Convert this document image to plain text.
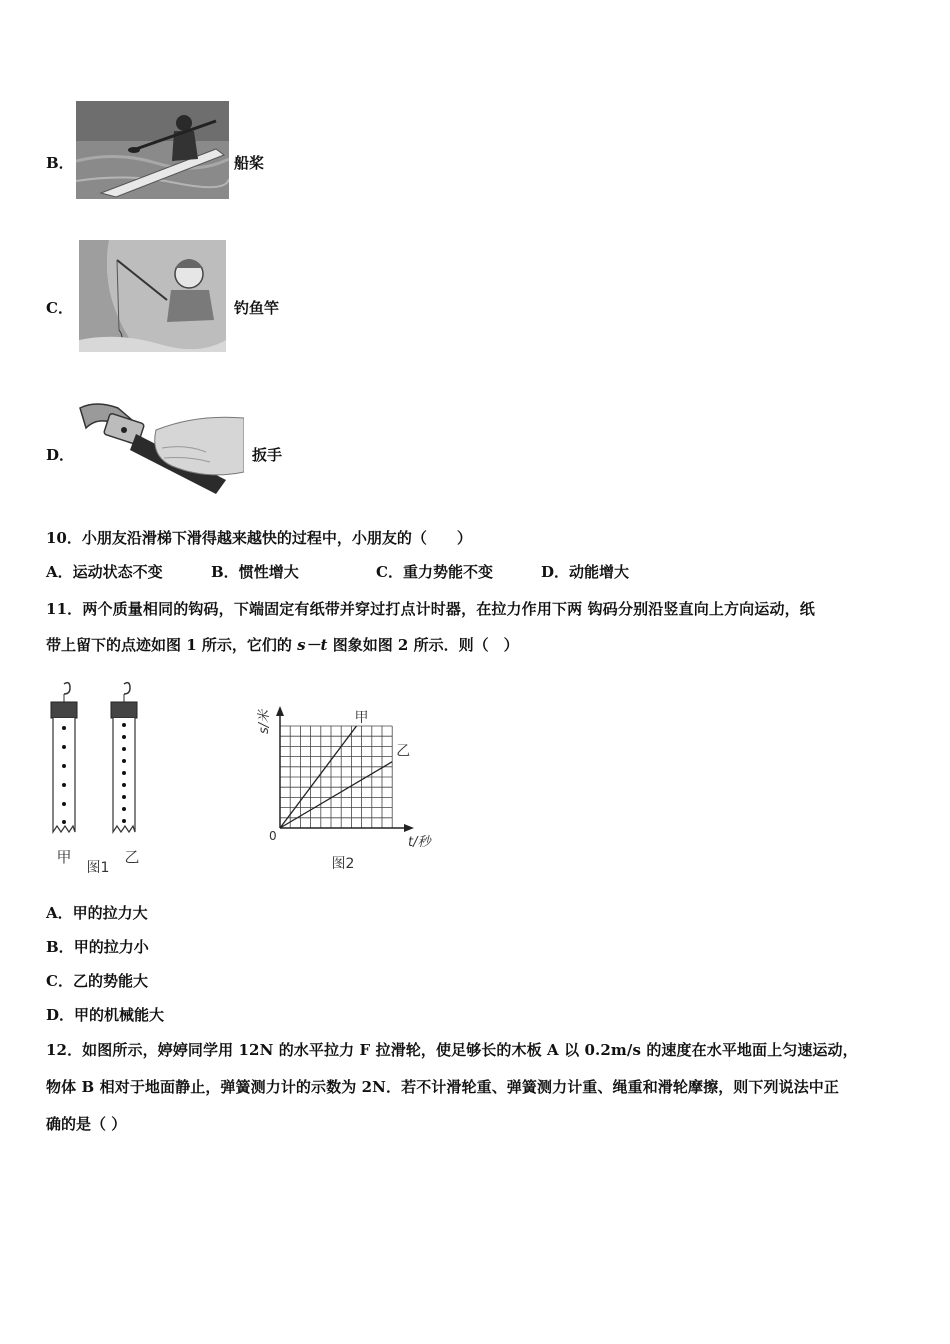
B．	船桨
C．	钓鱼竿
D．	扳手
10．小朋友沿滑梯下滑得越来越快的过程中，小朋友的（　　）
A．运动状态不变	B．惯性增大	C．重力势能不变	D．动能增大
11．两个质量相同的钩码，下端固定有纸带并穿过打点计时器，在拉力作用下两 钩码分别沿竖直向上方向运动，纸
带上留下的点迹如图 1 所示，它们的 s－t 图象如图 2 所示．则（　）
甲
图1
乙
s/米
t/秒
0
甲
乙
图2
A．甲的拉力大
B．甲的拉力小
C．乙的势能大
D．甲的机械能大
12．如图所示，婷婷同学用 12N 的水平拉力 F 拉滑轮，使足够长的木板 A 以 0.2m/s 的速度在水平地面上匀速运动，
物体 B 相对于地面静止，弹簧测力计的示数为 2N．若不计滑轮重、弹簧测力计重、绳重和滑轮摩擦，则下列说法中正
确的是（ ）
